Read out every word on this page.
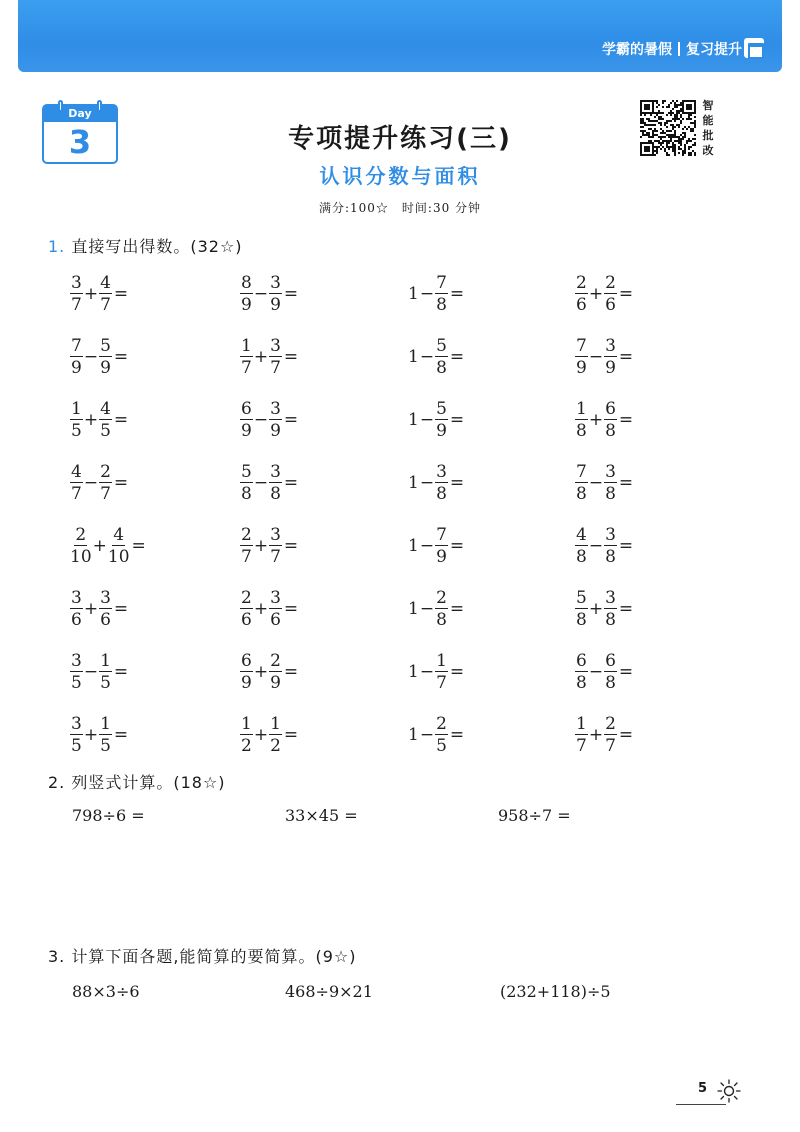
学霸的暑假 复习提升
Day
3
智
能
批
改
专项提升练习(三)
认识分数与面积
满分:100☆　时间:30 分钟
1. 直接写出得数。(32☆)
$\frac{3}{7} + \frac{4}{7}$ =	$\frac{8}{9} - \frac{3}{9}$ =	$1 - \frac{7}{8}$ =	$\frac{2}{6} + \frac{2}{6}$ =
$\frac{7}{9} - \frac{5}{9}$ =	$\frac{1}{7} + \frac{3}{7}$ =	$1 - \frac{5}{8}$ =	$\frac{7}{9} - \frac{3}{9}$ =
$\frac{1}{5} + \frac{4}{5}$ =	$\frac{6}{9} - \frac{3}{9}$ =	$1 - \frac{5}{9}$ =	$\frac{1}{8} + \frac{6}{8}$ =
$\frac{4}{7} - \frac{2}{7}$ =	$\frac{5}{8} - \frac{3}{8}$ =	$1 - \frac{3}{8}$ =	$\frac{7}{8} - \frac{3}{8}$ =
$\frac{2}{10} + \frac{4}{10}$ =	$\frac{2}{7} + \frac{3}{7}$ =	$1 - \frac{7}{9}$ =	$\frac{4}{8} - \frac{3}{8}$ =
$\frac{3}{6} + \frac{3}{6}$ =	$\frac{2}{6} + \frac{3}{6}$ =	$1 - \frac{2}{8}$ =	$\frac{5}{8} + \frac{3}{8}$ =
$\frac{3}{5} - \frac{1}{5}$ =	$\frac{6}{9} + \frac{2}{9}$ =	$1 - \frac{1}{7}$ =	$\frac{6}{8} - \frac{6}{8}$ =
$\frac{3}{5} + \frac{1}{5}$ =	$\frac{1}{2} + \frac{1}{2}$ =	$1 - \frac{2}{5}$ =	$\frac{1}{7} + \frac{2}{7}$ =
2. 列竖式计算。(18☆)
798÷6 =	33×45 =	958÷7 =
3. 计算下面各题,能简算的要简算。(9☆)
88×3÷6	468÷9×21	(232+118)÷5
5
